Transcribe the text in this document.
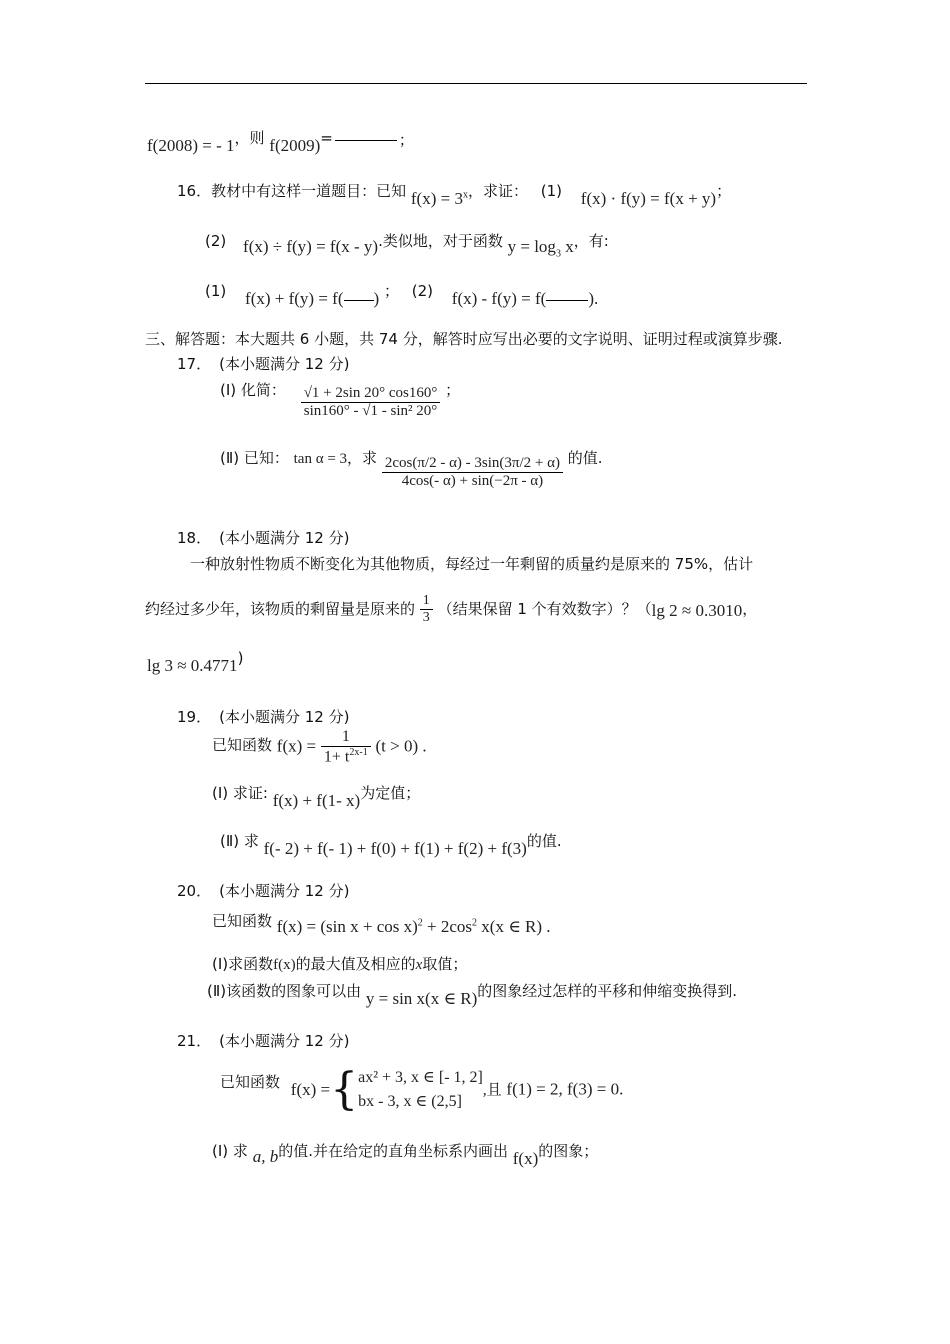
f(2008) = - 1，则 f(2009)=	；
16．教材中有这样一道题目：已知 $f(x) = 3^x$，求证： (1) f(x) · f(y) = f(x + y)；
(2) f(x) ÷ f(y) = f(x - y).类似地，对于函数 $y = \log_3 x$，有:
(1) f(x) + f(y) = f( ) ； (2) f(x) - f(y) = f( ).
三、解答题：本大题共 6 小题，共 74 分，解答时应写出必要的文字说明、证明过程或演算步骤.
17． (本小题满分 12 分)
(Ⅰ) 化简： $\frac{√1 + 2\sin 20^\circ \cos 160^\circ}{\text{sin160° - √1 - sin² 20°}}$ ；
(Ⅱ) 已知： tan α = 3，求 $\frac{2\cos(\pi/2 - \alpha) - 3\sin(3\pi/2 + \alpha)}{4\cos(- \alpha) + \sin(-2\pi - \alpha)}$ 的值.
18． (本小题满分 12 分)
一种放射性物质不断变化为其他物质，每经过一年剩留的质量约是原来的 75%，估计
约经过多少年，该物质的剩留量是原来的 $\frac{1}{3}$ （结果保留 1 个有效数字）？（lg 2 ≈ 0.3010，
lg 3 ≈ 0.4771)
19． (本小题满分 12 分)
已知函数 $f(x) = \frac{1}{1+ t^{2x-1}} (t > 0)$ .
(Ⅰ) 求证: f(x) + f(1- x)为定值；
(Ⅱ) 求 f(- 2) + f(- 1) + f(0) + f(1) + f(2) + f(3)的值.
20． (本小题满分 12 分)
已知函数 f(x) = (sin $x + \cos x)^2 + 2\cos^2$ x(x ∈ R) .
(Ⅰ)求函数f(x)的最大值及相应的x取值；
(Ⅱ)该函数的图象可以由 y = sin x(x ∈ R)的图象经过怎样的平移和伸缩变换得到.
21． (本小题满分 12 分)
已知函数 f(x) ={ ax² + 3, x ∈ [- 1, 2]
bx - 3, x ∈ (2,5]
,且 f(1) = 2, f(3) = 0.
(Ⅰ) 求 a, b的值.并在给定的直角坐标系内画出 f(x)的图象；
